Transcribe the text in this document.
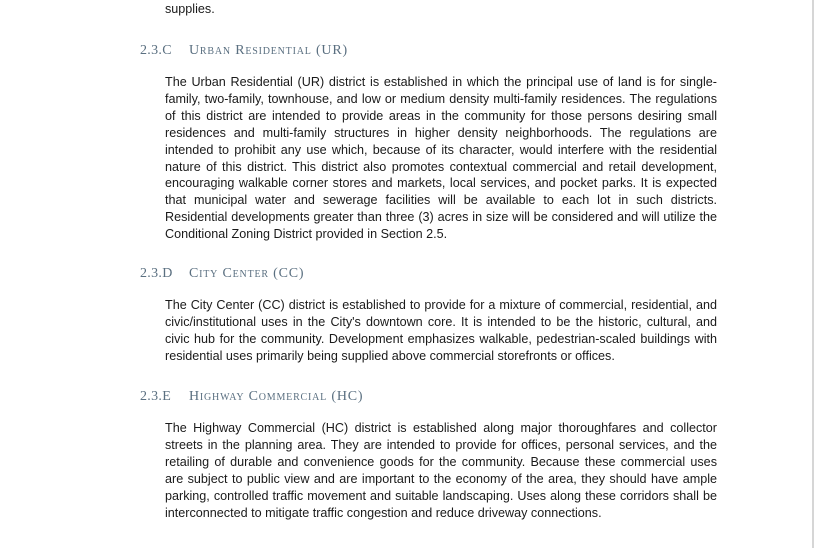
supplies.
2.3.C Urban Residential (UR)
The Urban Residential (UR) district is established in which the principal use of land is for single-family, two-family, townhouse, and low or medium density multi-family residences. The regulations of this district are intended to provide areas in the community for those persons desiring small residences and multi-family structures in higher density neighborhoods. The regulations are intended to prohibit any use which, because of its character, would interfere with the residential nature of this district. This district also promotes contextual commercial and retail development, encouraging walkable corner stores and markets, local services, and pocket parks. It is expected that municipal water and sewerage facilities will be available to each lot in such districts. Residential developments greater than three (3) acres in size will be considered and will utilize the Conditional Zoning District provided in Section 2.5.
2.3.D City Center (CC)
The City Center (CC) district is established to provide for a mixture of commercial, residential, and civic/institutional uses in the City's downtown core. It is intended to be the historic, cultural, and civic hub for the community. Development emphasizes walkable, pedestrian-scaled buildings with residential uses primarily being supplied above commercial storefronts or offices.
2.3.E Highway Commercial (HC)
The Highway Commercial (HC) district is established along major thoroughfares and collector streets in the planning area. They are intended to provide for offices, personal services, and the retailing of durable and convenience goods for the community. Because these commercial uses are subject to public view and are important to the economy of the area, they should have ample parking, controlled traffic movement and suitable landscaping. Uses along these corridors shall be interconnected to mitigate traffic congestion and reduce driveway connections.
